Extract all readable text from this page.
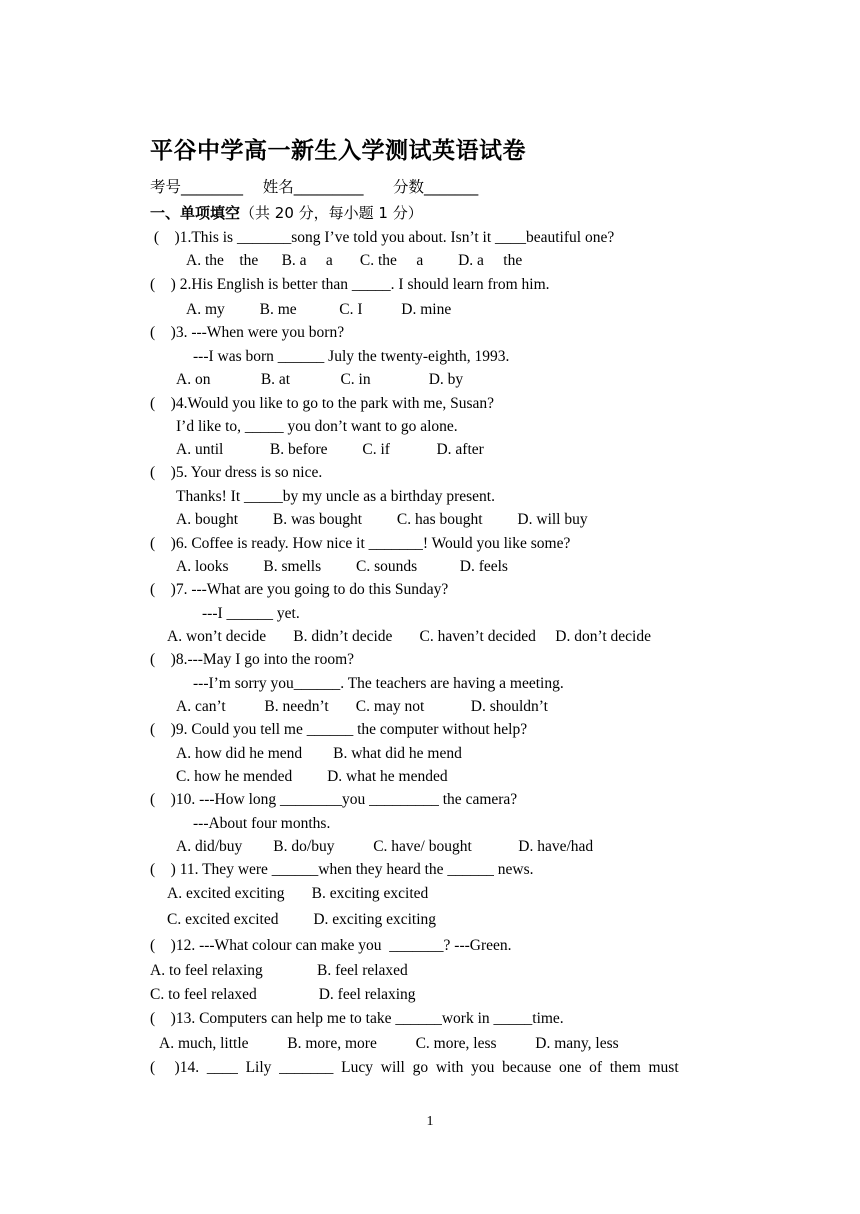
平谷中学高一新生入学测试英语试卷
考号________    姓名_________      分数_______
一、单项填空（共 20 分，每小题 1 分）
(    )1.This is _______song I’ve told you about. Isn’t it ____beautiful one?
A. the    the      B. a     a       C. the     a         D. a     the
(    ) 2.His English is better than _____. I should learn from him.
A. my         B. me           C. I          D. mine
(    )3. ---When were you born?
---I was born ______ July the twenty-eighth, 1993.
A. on             B. at             C. in               D. by
(    )4.Would you like to go to the park with me, Susan?
I’d like to, _____ you don’t want to go alone.
A. until            B. before         C. if            D. after
(    )5. Your dress is so nice.
Thanks! It _____by my uncle as a birthday present.
A. bought         B. was bought         C. has bought         D. will buy
(    )6. Coffee is ready. How nice it _______! Would you like some?
A. looks         B. smells         C. sounds           D. feels
(    )7. ---What are you going to do this Sunday?
---I ______ yet.
A. won’t decide       B. didn’t decide       C. haven’t decided     D. don’t decide
(    )8.---May I go into the room?
---I’m sorry you______. The teachers are having a meeting.
A. can’t          B. needn’t       C. may not            D. shouldn’t
(    )9. Could you tell me ______ the computer without help?
A. how did he mend        B. what did he mend
C. how he mended         D. what he mended
(    )10. ---How long ________you _________ the camera?
---About four months.
A. did/buy        B. do/buy          C. have/ bought            D. have/had
(    ) 11. They were ______when they heard the ______ news.
A. excited exciting       B. exciting excited
C. excited excited         D. exciting exciting
(    )12. ---What colour can make you  _______? ---Green.
A. to feel relaxing              B. feel relaxed
C. to feel relaxed                D. feel relaxing
(    )13. Computers can help me to take ______work in _____time.
A. much, little          B. more, more          C. more, less          D. many, less
(     )14.  ____  Lily  _______  Lucy  will  go  with  you  because  one  of  them  must
1
